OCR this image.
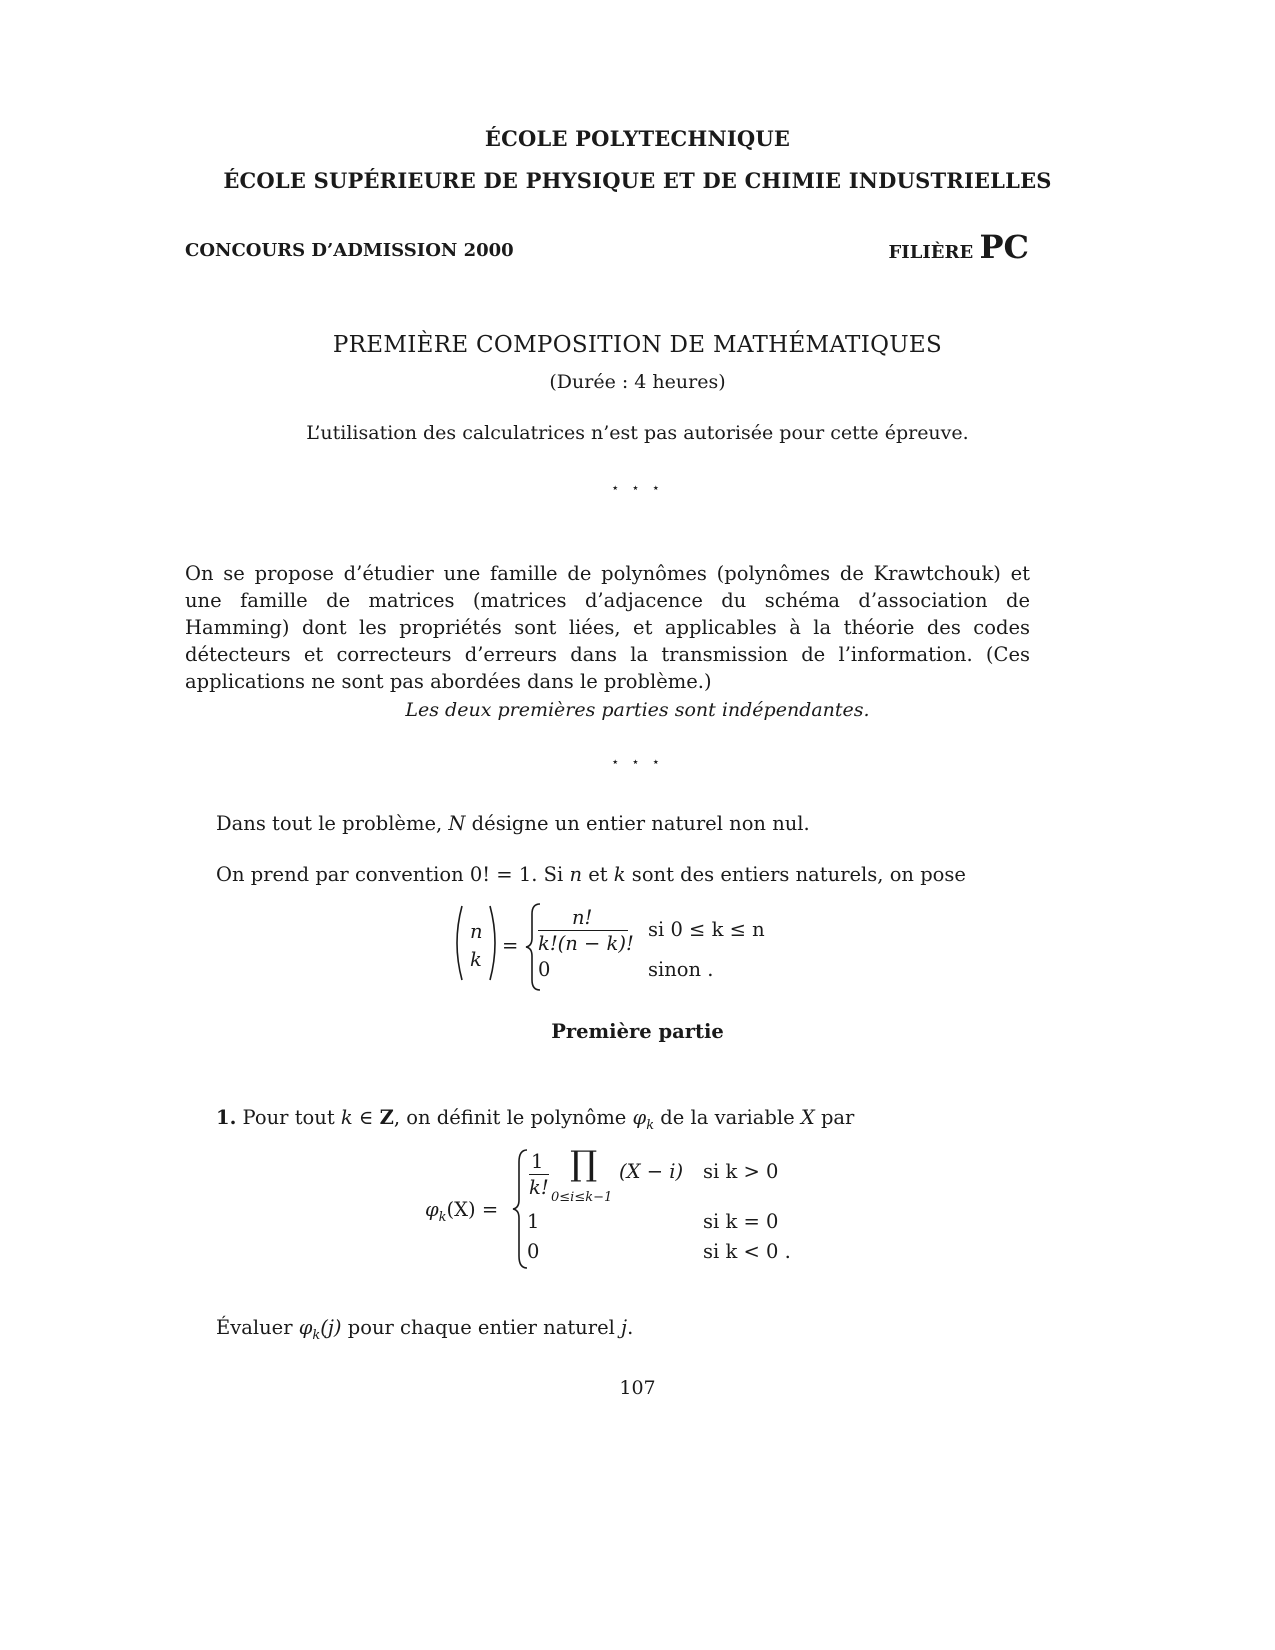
ÉCOLE POLYTECHNIQUE
ÉCOLE SUPÉRIEURE DE PHYSIQUE ET DE CHIMIE INDUSTRIELLES
CONCOURS D’ADMISSION 2000	FILIÈRE PC
PREMIÈRE COMPOSITION DE MATHÉMATIQUES
(Durée : 4 heures)
L’utilisation des calculatrices n’est pas autorisée pour cette épreuve.
⋆ ⋆ ⋆
On se propose d’étudier une famille de polynômes (polynômes de Krawtchouk) et une famille de matrices (matrices d’adjacence du schéma d’association de Hamming) dont les propriétés sont liées, et applicables à la théorie des codes détecteurs et correcteurs d’erreurs dans la transmission de l’information. (Ces applications ne sont pas abordées dans le problème.)
Les deux premières parties sont indépendantes.
⋆ ⋆ ⋆
Dans tout le problème, N désigne un entier naturel non nul.
On prend par convention 0! = 1. Si n et k sont des entiers naturels, on pose
n
k
=
n!
k!(n − k)!
si 0 ≤ k ≤ n
0	sinon .
Première partie
1. Pour tout k ∈ Z, on définit le polynôme $\varphi_k$ de la variable X par
$\varphi_k(X)$ =
1
k!
∏
0≤i≤k−1
(X − i) si k > 0
1	si k = 0
0	si k < 0 .
Évaluer $\varphi_k(j)$ pour chaque entier naturel j.
107
